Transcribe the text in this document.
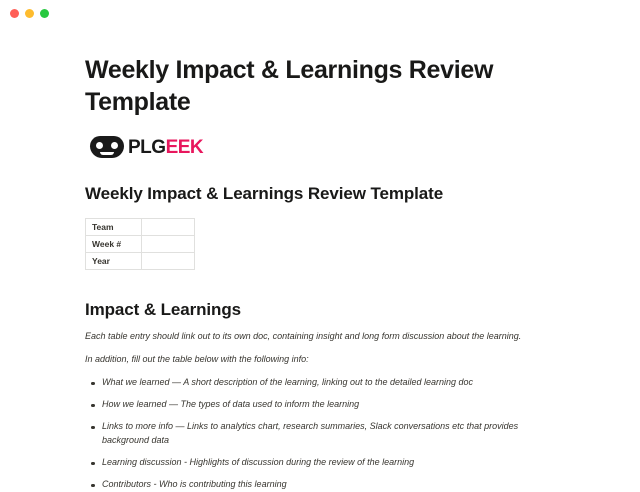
Weekly Impact & Learnings Review Template
PLG EEK
Weekly Impact & Learnings Review Template
Team	
Week #	
Year	
Impact & Learnings

Each table entry should link out to its own doc, containing insight and long form discussion about the learning.

In addition, fill out the table below with the following info:

What we learned — A short description of the learning, linking out to the detailed learning doc
How we learned — The types of data used to inform the learning
Links to more info — Links to analytics chart, research summaries, Slack conversations etc that provides background data
Learning discussion - Highlights of discussion during the review of the learning
Contributors - Who is contributing this learning
